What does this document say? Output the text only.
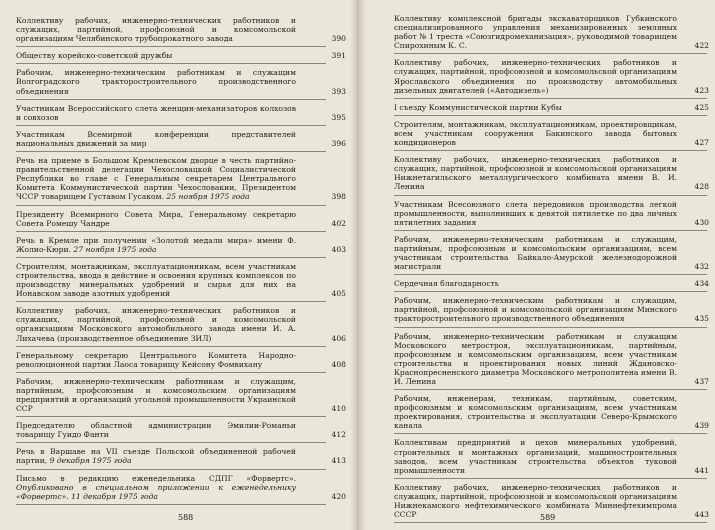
Коллективу рабочих, инженерно-технических работников и служащих, партийной, профсоюзной и комсомольской организациям Челябинского трубопрокатного завода	390
Обществу корейско-советской дружбы	391
Рабочим, инженерно-техническим работникам и служащим Волгоградского тракторостроительного производственного объединения	393
Участникам Всероссийского слета женщин-механизаторов колхозов и совхозов	395
Участникам Всемирной конференции представителей национальных движений за мир	396
Речь на приеме в Большом Кремлевском дворце в честь партийно-правительственной делегации Чехословацкой Социалистической Республики во главе с Генеральным секретарем Центрального Комитета Коммунистической партии Чехословакии, Президентом ЧССР товарищем Густавом Гусаком. 25 ноября 1975 года	398
Президенту Всемирного Совета Мира, Генеральному секретарю Совета Ромешу Чандре	402
Речь в Кремле при получении «Золотой медали мира» имени Ф. Жолио-Кюри. 27 ноября 1975 года	403
Строителям, монтажникам, эксплуатационникам, всем участникам строительства, ввода в действие и освоения крупных комплексов по производству минеральных удобрений и сырья для них на Ионавском заводе азотных удобрений	405
Коллективу рабочих, инженерно-технических работников и служащих, партийной, профсоюзной и комсомольской организациям Московского автомобильного завода имени И. А. Лихачева (производственное объединение ЗИЛ)	406
Генеральному секретарю Центрального Комитета Народно-революционной партии Лаоса товарищу Кейсону Фомвихану	408
Рабочим, инженерно-техническим работникам и служащим, партийным, профсоюзным и комсомольским организациям предприятий и организаций угольной промышленности Украинской ССР	410
Председателю областной администрации Эмилии-Романьи товарищу Гуидо Фанти	412
Речь в Варшаве на VII съезде Польской объединенной рабочей партии, 9 декабря 1975 года	413
Письмо в редакцию еженедельника СДПГ «Форвертс». Опубликовано в специальном приложении к еженедельнику «Форвертс». 11 декабря 1975 года	420
588
Коллективу комплексной бригады экскаваторщиков Губкинского специализированного управления механизированных земляных работ № 1 треста «Союзгидромеханизация», руководимой товарищем Спирохиным К. С.	422
Коллективу рабочих, инженерно-технических работников и служащих, партийной, профсоюзной и комсомольской организациям Ярославского объединения по производству автомобильных дизельных двигателей («Автодизель»)	423
I съезду Коммунистической партии Кубы	425
Строителям, монтажникам, эксплуатационникам, проектировщикам, всем участникам сооружения Бакинского завода бытовых кондиционеров	427
Коллективу рабочих, инженерно-технических работников и служащих, партийной, профсоюзной и комсомольской организациям Нижнетагильского металлургического комбината имени В. И. Ленина	428
Участникам Всесоюзного слета передовиков производства легкой промышленности, выполнивших к девятой пятилетке по два личных пятилетних задания	430
Рабочим, инженерно-техническим работникам и служащим, партийным, профсоюзным и комсомольским организациям, всем участникам строительства Байкало-Амурской железнодорожной магистрали	432
Сердечная благодарность	434
Рабочим, инженерно-техническим работникам и служащим, партийной, профсоюзной и комсомольской организациям Минского тракторостроительного производственного объединения	435
Рабочим, инженерно-техническим работникам и служащим Московского метростроя, эксплуатационникам, партийным, профсоюзным и комсомольским организациям, всем участникам строительства и проектирования новых линий Ждановско-Краснопресненского диаметра Московского метрополитена имени В. И. Ленина	437
Рабочим, инженерам, техникам, партийным, советским, профсоюзным и комсомольским организациям, всем участникам проектирования, строительства и эксплуатации Северо-Крымского канала	439
Коллективам предприятий и цехов минеральных удобрений, строительных и монтажных организаций, машиностроительных заводов, всем участникам строительства объектов туковой промышленности	441
Коллективу рабочих, инженерно-технических работников и служащих, партийной, профсоюзной и комсомольской организациям Нижнекамского нефтехимического комбината Миннефтехимпрома СССР	443
589
